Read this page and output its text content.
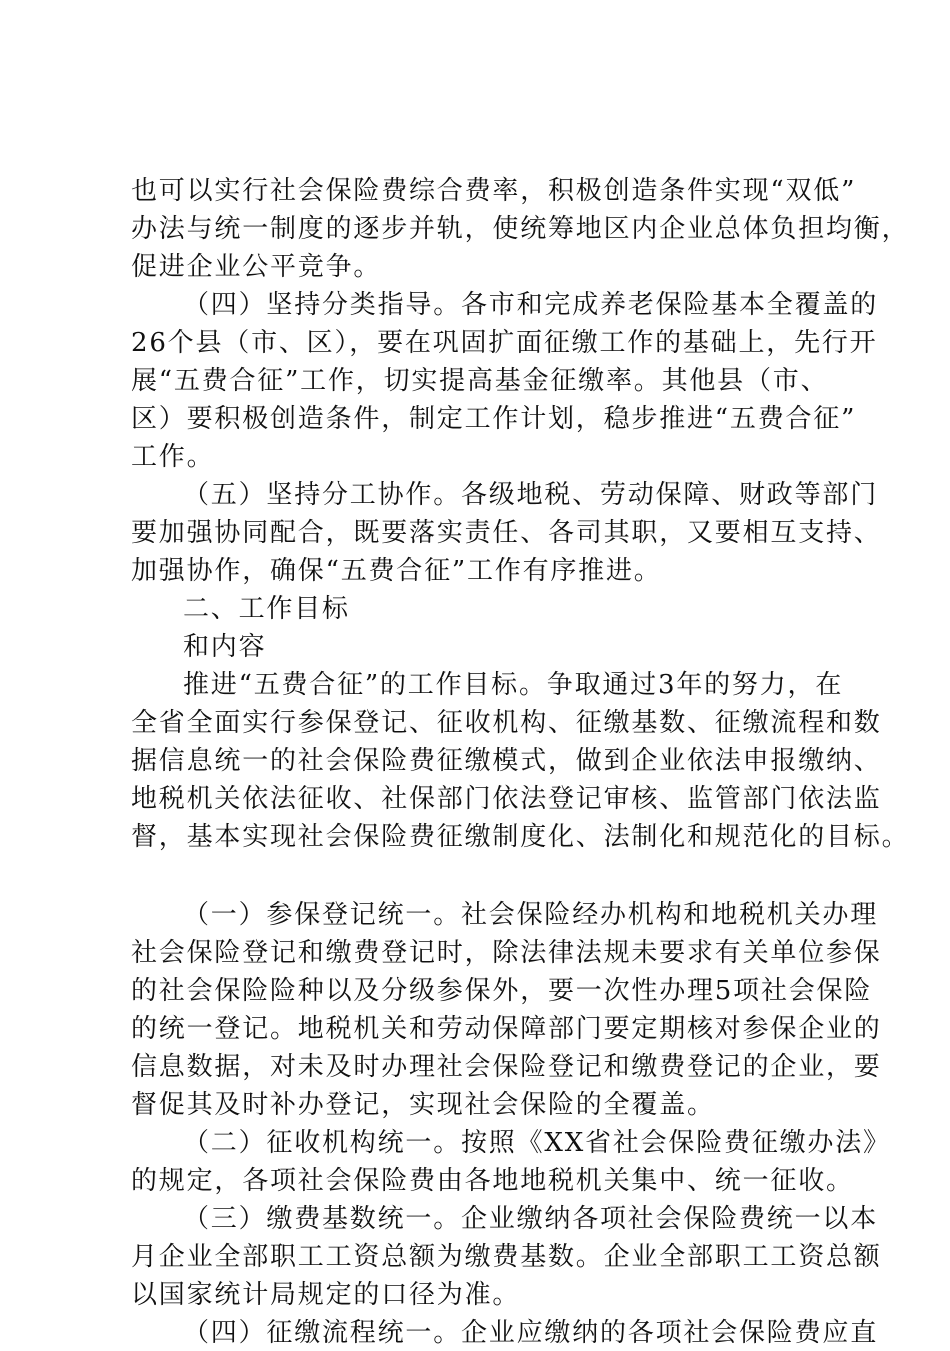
也可以实行社会保险费综合费率，积极创造条件实现“双低”
办法与统一制度的逐步并轨，使统筹地区内企业总体负担均衡，
促进企业公平竞争。
（四）坚持分类指导。各市和完成养老保险基本全覆盖的
26个县（市、区），要在巩固扩面征缴工作的基础上，先行开
展“五费合征”工作，切实提高基金征缴率。其他县（市、
区）要积极创造条件，制定工作计划，稳步推进“五费合征”
工作。
（五）坚持分工协作。各级地税、劳动保障、财政等部门
要加强协同配合，既要落实责任、各司其职，又要相互支持、
加强协作，确保“五费合征”工作有序推进。
二、工作目标
和内容
推进“五费合征”的工作目标。争取通过3年的努力，在
全省全面实行参保登记、征收机构、征缴基数、征缴流程和数
据信息统一的社会保险费征缴模式，做到企业依法申报缴纳、
地税机关依法征收、社保部门依法登记审核、监管部门依法监
督，基本实现社会保险费征缴制度化、法制化和规范化的目标。
（一）参保登记统一。社会保险经办机构和地税机关办理
社会保险登记和缴费登记时，除法律法规未要求有关单位参保
的社会保险险种以及分级参保外，要一次性办理5项社会保险
的统一登记。地税机关和劳动保障部门要定期核对参保企业的
信息数据，对未及时办理社会保险登记和缴费登记的企业，要
督促其及时补办登记，实现社会保险的全覆盖。
（二）征收机构统一。按照《XX省社会保险费征缴办法》
的规定，各项社会保险费由各地地税机关集中、统一征收。
（三）缴费基数统一。企业缴纳各项社会保险费统一以本
月企业全部职工工资总额为缴费基数。企业全部职工工资总额
以国家统计局规定的口径为准。
（四）征缴流程统一。企业应缴纳的各项社会保险费应直
